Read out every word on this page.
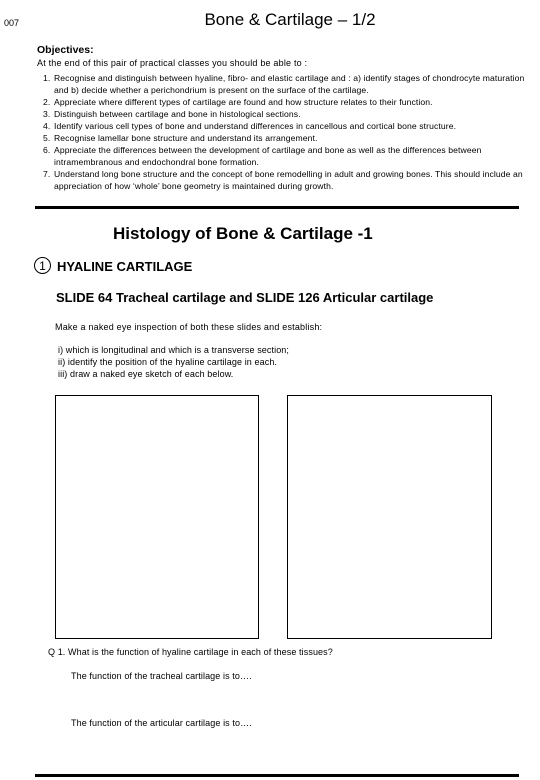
007	Bone & Cartilage – 1/2
Objectives:
At the end of this pair of practical classes you should be able to :
1. Recognise and distinguish between hyaline, fibro- and elastic cartilage and : a) identify stages of chondrocyte maturation and b) decide whether a perichondrium is present on the surface of the cartilage.
2. Appreciate where different types of cartilage are found and how structure relates to their function.
3. Distinguish between cartilage and bone in histological sections.
4. Identify various cell types of bone and understand differences in cancellous and cortical bone structure.
5. Recognise lamellar bone structure and understand its arrangement.
6. Appreciate the differences between the development of cartilage and bone as well as the differences between intramembranous and endochondral bone formation.
7. Understand long bone structure and the concept of bone remodelling in adult and growing bones. This should include an appreciation of how ‘whole’ bone geometry is maintained during growth.
Histology of Bone & Cartilage -1
1 HYALINE CARTILAGE
SLIDE 64 Tracheal cartilage and SLIDE 126 Articular cartilage
Make a naked eye inspection of both these slides and establish:
i) which is longitudinal and which is a transverse section;
ii) identify the position of the hyaline cartilage in each.
iii) draw a naked eye sketch of each below.
Q 1. What is the function of hyaline cartilage in each of these tissues?
The function of the tracheal cartilage is to….
The function of the articular cartilage is to….
